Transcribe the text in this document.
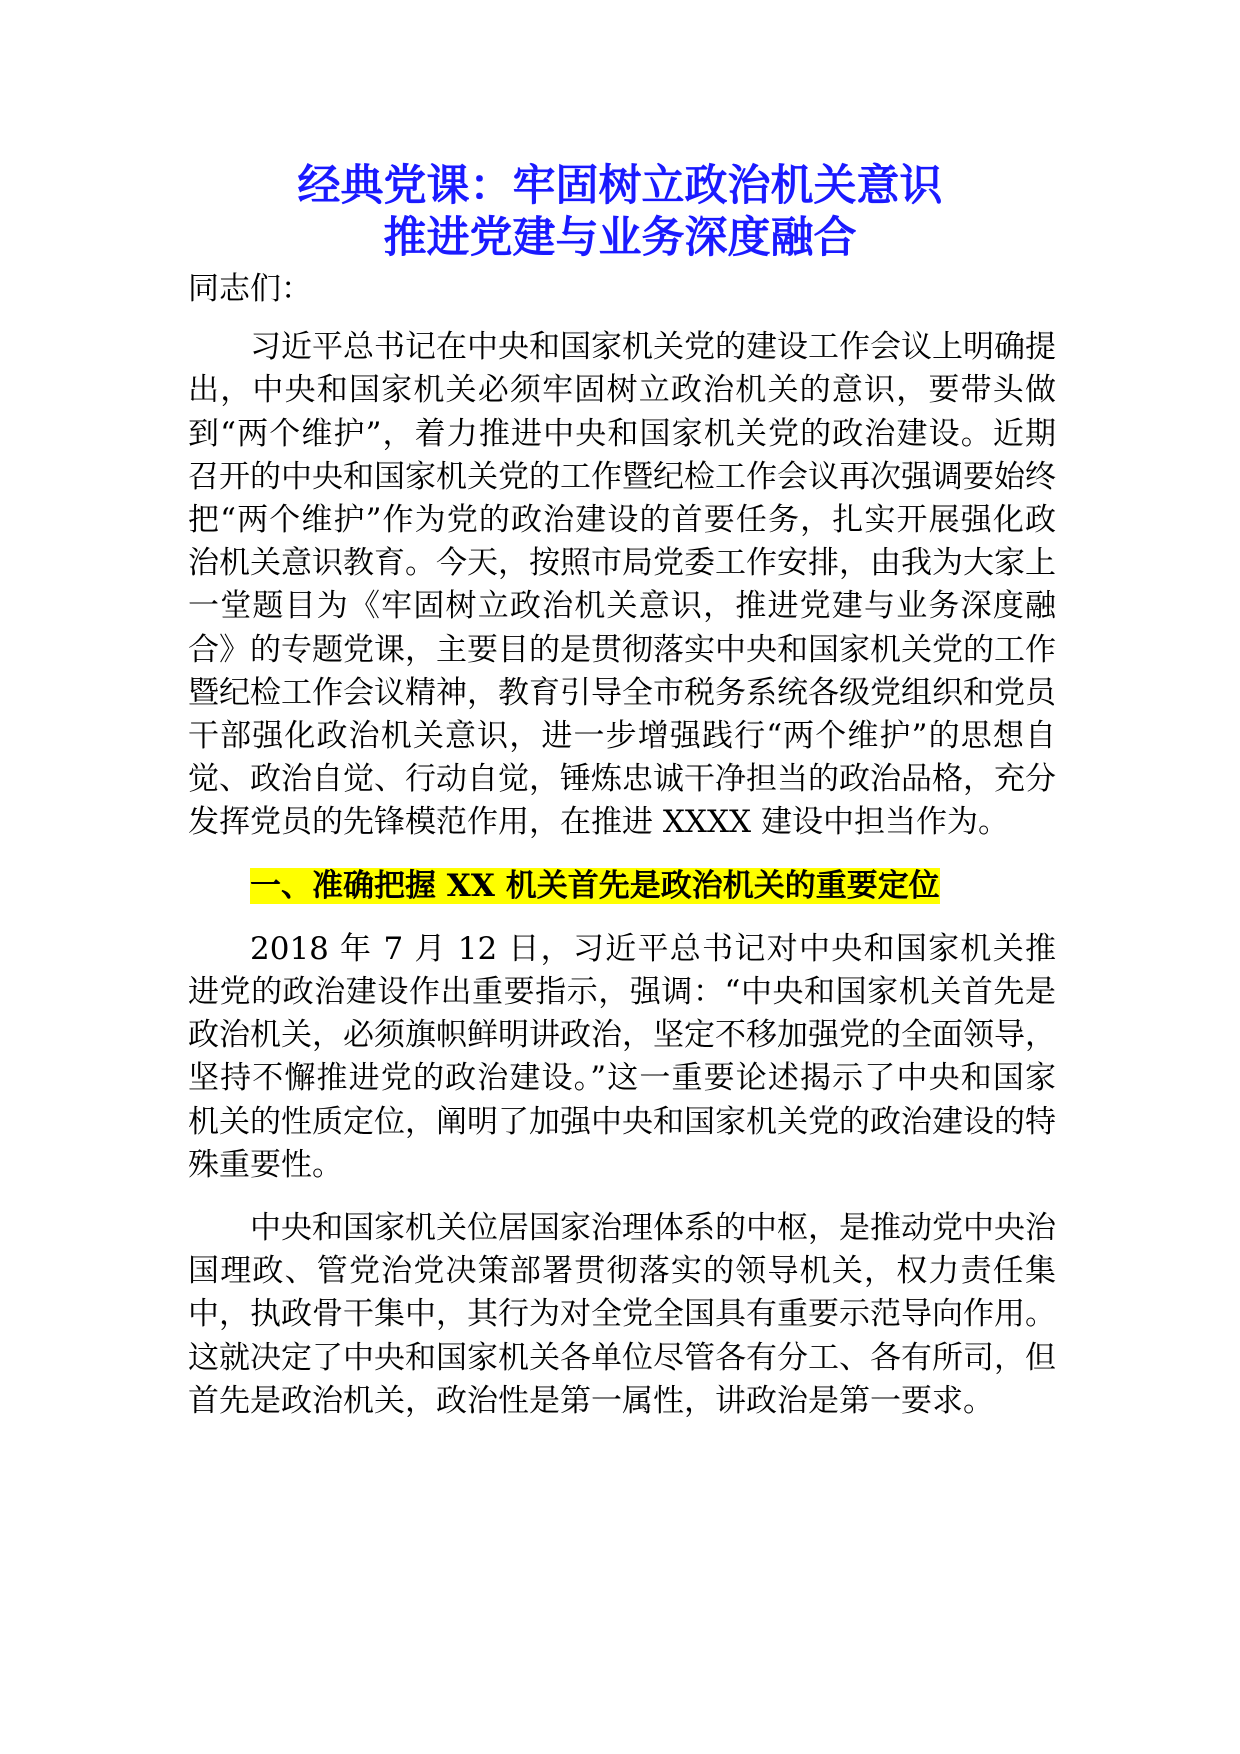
经典党课：牢固树立政治机关意识
推进党建与业务深度融合

同志们：

习近平总书记在中央和国家机关党的建设工作会议上明确提出，中央和国家机关必须牢固树立政治机关的意识，要带头做到“两个维护”，着力推进中央和国家机关党的政治建设。近期召开的中央和国家机关党的工作暨纪检工作会议再次强调要始终把“两个维护”作为党的政治建设的首要任务，扎实开展强化政治机关意识教育。今天，按照市局党委工作安排，由我为大家上一堂题目为《牢固树立政治机关意识，推进党建与业务深度融合》的专题党课，主要目的是贯彻落实中央和国家机关党的工作暨纪检工作会议精神，教育引导全市税务系统各级党组织和党员干部强化政治机关意识，进一步增强践行“两个维护”的思想自觉、政治自觉、行动自觉，锤炼忠诚干净担当的政治品格，充分发挥党员的先锋模范作用，在推进 XXXX 建设中担当作为。

一、准确把握 XX 机关首先是政治机关的重要定位

2018 年 7 月 12 日，习近平总书记对中央和国家机关推进党的政治建设作出重要指示，强调：“中央和国家机关首先是政治机关，必须旗帜鲜明讲政治，坚定不移加强党的全面领导，坚持不懈推进党的政治建设。”这一重要论述揭示了中央和国家机关的性质定位，阐明了加强中央和国家机关党的政治建设的特殊重要性。

中央和国家机关位居国家治理体系的中枢，是推动党中央治国理政、管党治党决策部署贯彻落实的领导机关，权力责任集中，执政骨干集中，其行为对全党全国具有重要示范导向作用。这就决定了中央和国家机关各单位尽管各有分工、各有所司，但首先是政治机关，政治性是第一属性，讲政治是第一要求。
